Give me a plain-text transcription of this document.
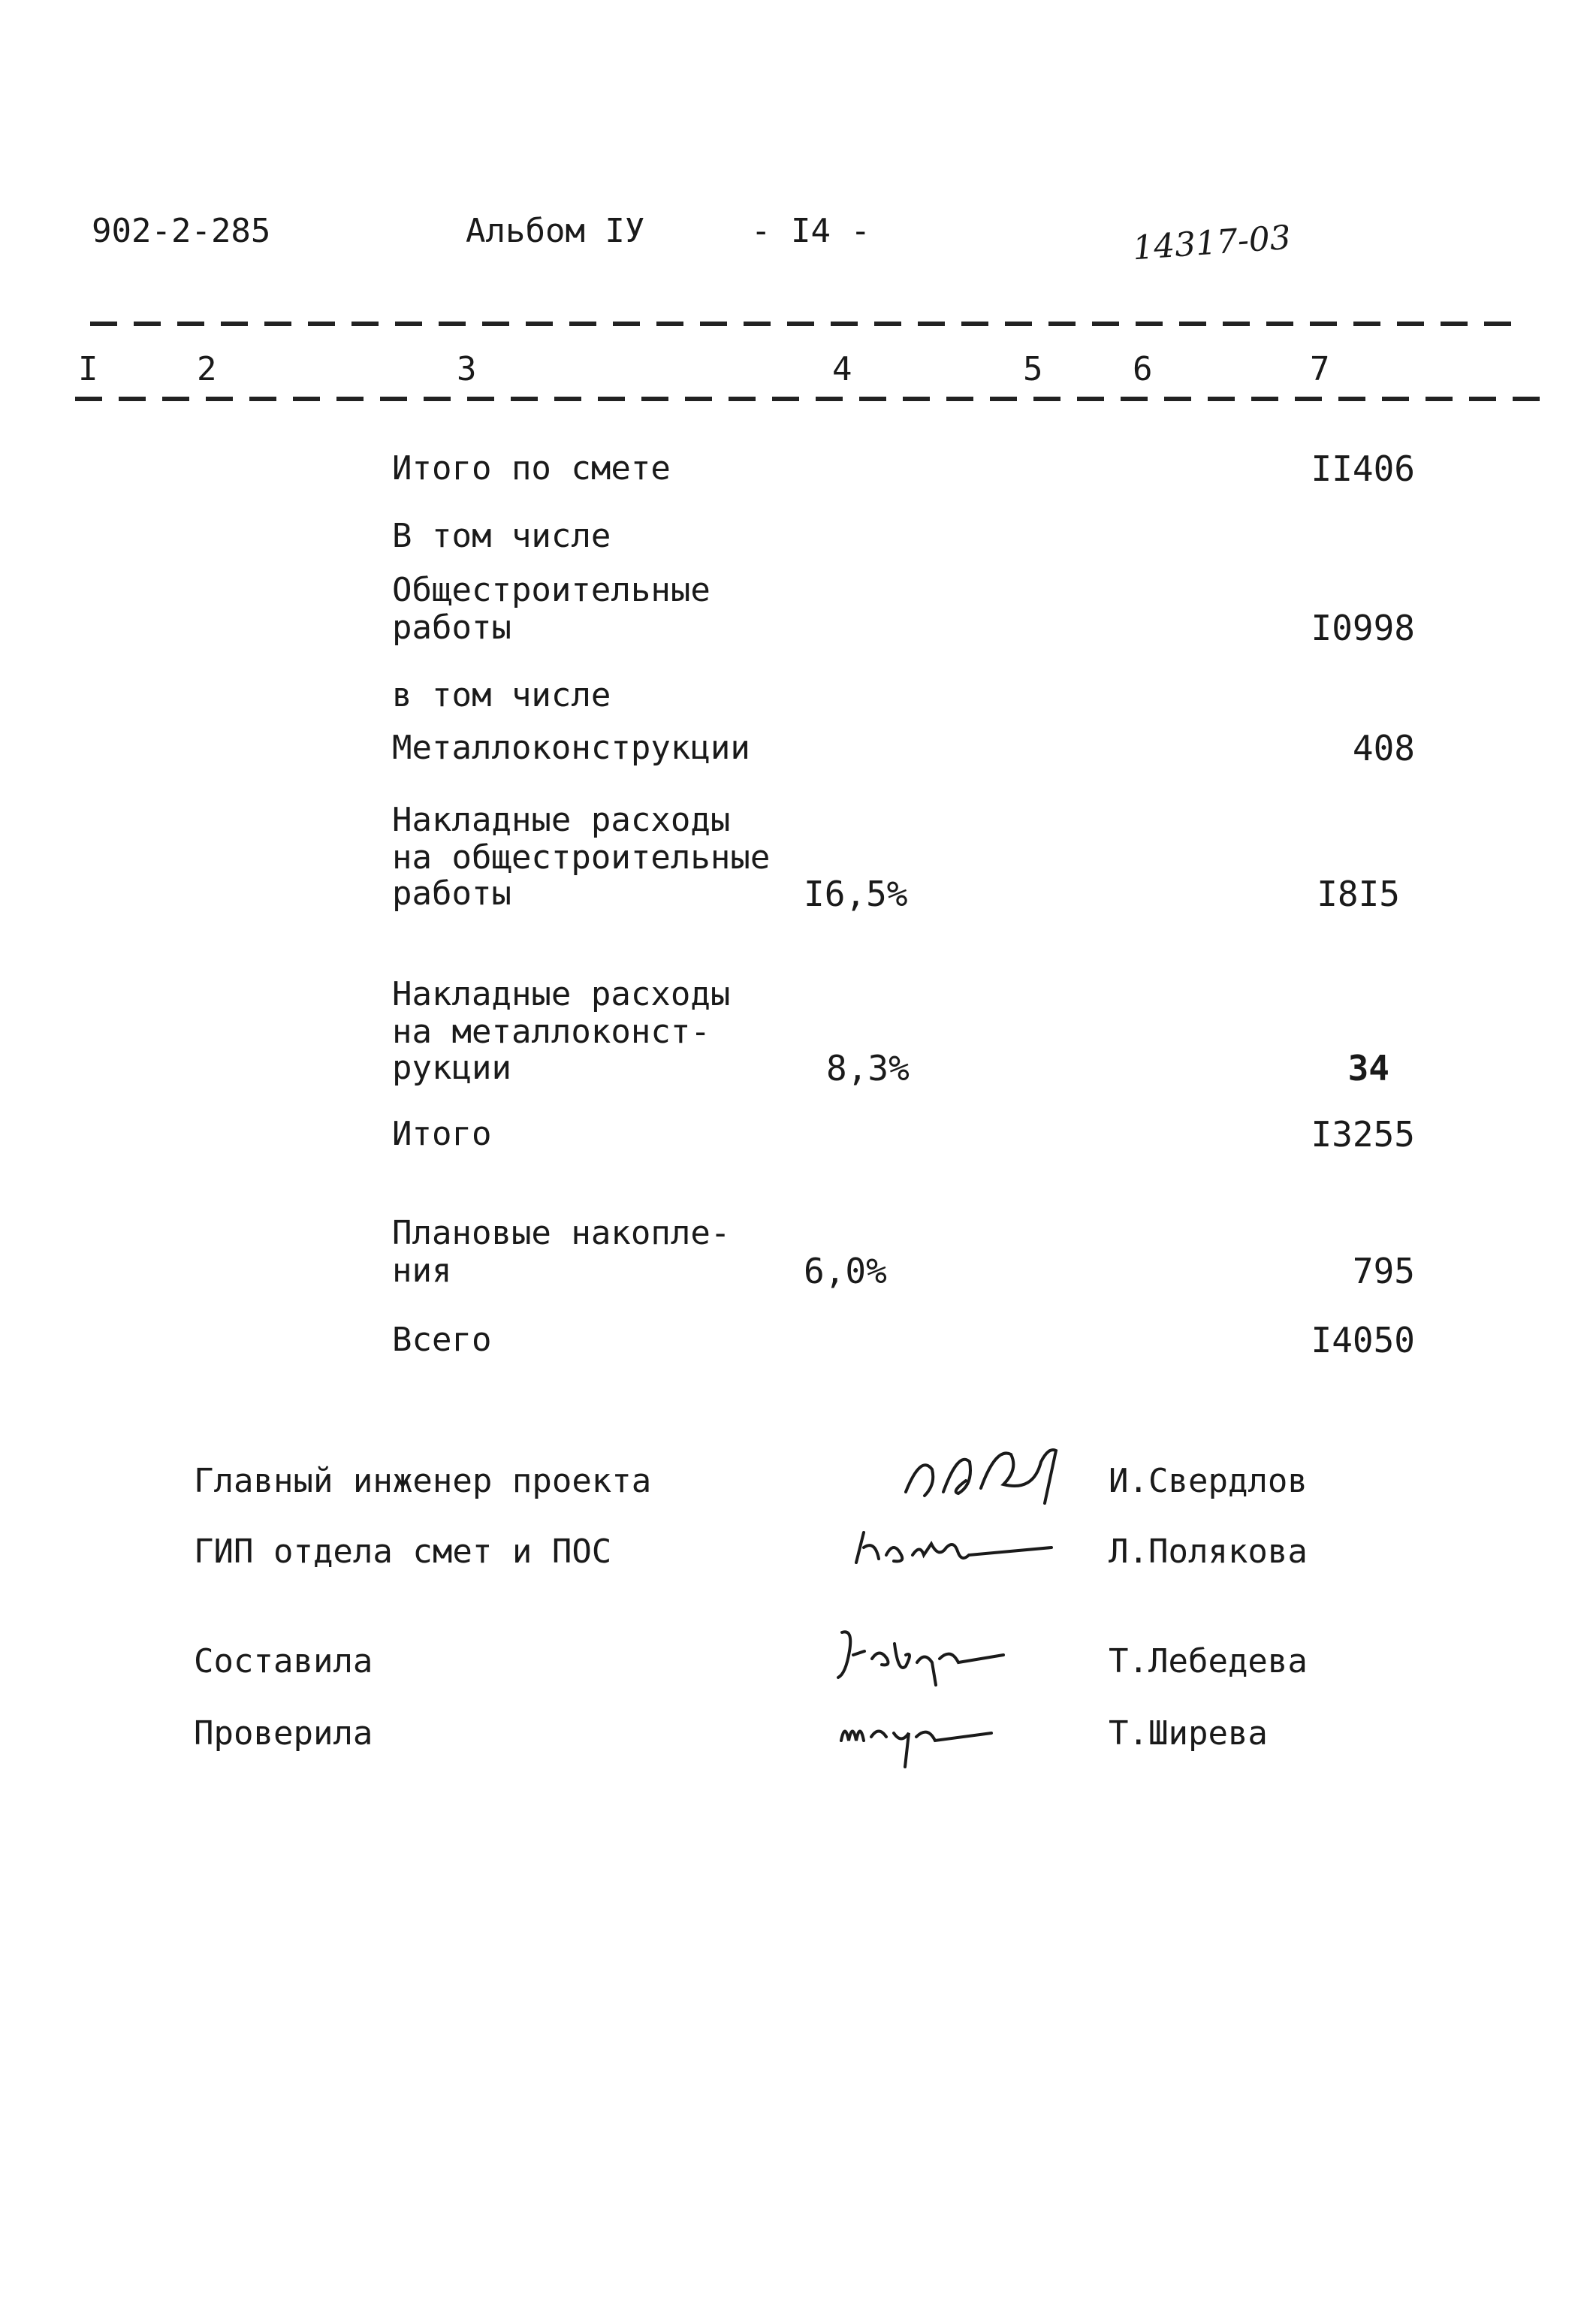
902-2-285	Альбом IУ	- I4 -	14317-03
I	2	3	4	5	6	7
Итого по смете	II406
В том числе
Общестроительные
работы	I0998
в том числе
Металлоконструкции	408
Накладные расходы
на общестроительные
работы	I6,5%	I8I5
Накладные расходы
на металлоконст-
рукции	8,3%	34
Итого	I3255
Плановые накопле-
ния	6,0%	795
Всего	I4050
Главный инженер проекта	И.Свердлов
ГИП отдела смет и ПОС	Л.Полякова
Составила	Т.Лебедева
Проверила	Т.Ширева
